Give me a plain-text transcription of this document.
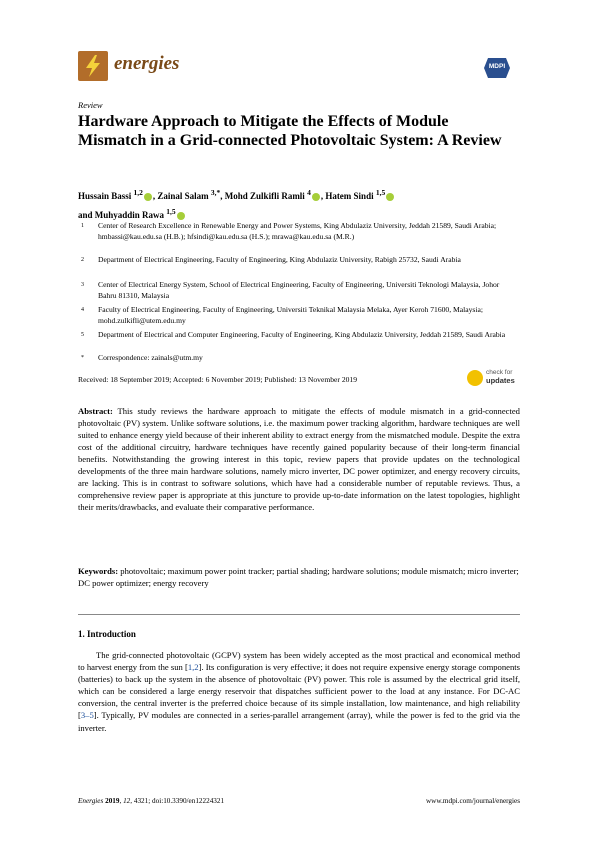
energies	MDPI
Review
Hardware Approach to Mitigate the Effects of Module Mismatch in a Grid-connected Photovoltaic System: A Review
Hussain Bassi $^{1,2}$ , Zainal Salam $^{3,*}$, Mohd Zulkifli Ramli $^4$ , Hatem Sindi $^{1,5}$
and Muhyaddin Rawa $^{1,5}$
1 Center of Research Excellence in Renewable Energy and Power Systems, King Abdulaziz University, Jeddah 21589, Saudi Arabia; hmbassi@kau.edu.sa (H.B.); hfsindi@kau.edu.sa (H.S.); mrawa@kau.edu.sa (M.R.)
2 Department of Electrical Engineering, Faculty of Engineering, King Abdulaziz University, Rabigh 25732, Saudi Arabia
3 Center of Electrical Energy System, School of Electrical Engineering, Faculty of Engineering, Universiti Teknologi Malaysia, Johor Bahru 81310, Malaysia
4 Faculty of Electrical Engineering, Faculty of Engineering, Universiti Teknikal Malaysia Melaka, Ayer Keroh 71600, Malaysia; mohd.zulkifli@utem.edu.my
5 Department of Electrical and Computer Engineering, Faculty of Engineering, King Abdulaziz University, Jeddah 21589, Saudi Arabia
* Correspondence: zainals@utm.my
Received: 18 September 2019; Accepted: 6 November 2019; Published: 13 November 2019
check for
updates
Abstract: This study reviews the hardware approach to mitigate the effects of module mismatch in a grid-connected photovoltaic (PV) system. Unlike software solutions, i.e. the maximum power tracking algorithm, hardware techniques are well suited to enhance energy yield because of their inherent ability to extract energy from the mismatched module. Despite the extra cost of the additional circuitry, hardware techniques have recently gained popularity because of their long-term financial benefits. Notwithstanding the growing interest in this topic, review papers that provide updates on the technological developments of the three main hardware solutions, namely micro inverter, DC power optimizer, and energy recovery circuits, are lacking. This is in contrast to software solutions, which have had a considerable number of reputable reviews. Thus, a comprehensive review paper is appropriate at this juncture to provide up-to-date information on the latest topologies, highlight their merits/drawbacks, and evaluate their comparative performance.
Keywords: photovoltaic; maximum power point tracker; partial shading; hardware solutions; module mismatch; micro inverter; DC power optimizer; energy recovery
1. Introduction
The grid-connected photovoltaic (GCPV) system has been widely accepted as the most practical and economical method to harvest energy from the sun [1,2]. Its configuration is very effective; it does not require expensive energy storage components (batteries) to back up the system in the absence of photovoltaic (PV) power. This role is assumed by the electrical grid itself, which can be considered a large energy reservoir that dispatches sufficient power to the load at any instance. For DC-AC conversion, the central inverter is the preferred choice because of its simple installation, low maintenance, and high reliability [3–5]. Typically, PV modules are connected in a series-parallel arrangement (array), while the power is fed to the grid via the inverter.
Energies 2019, 12, 4321; doi:10.3390/en12224321	www.mdpi.com/journal/energies
